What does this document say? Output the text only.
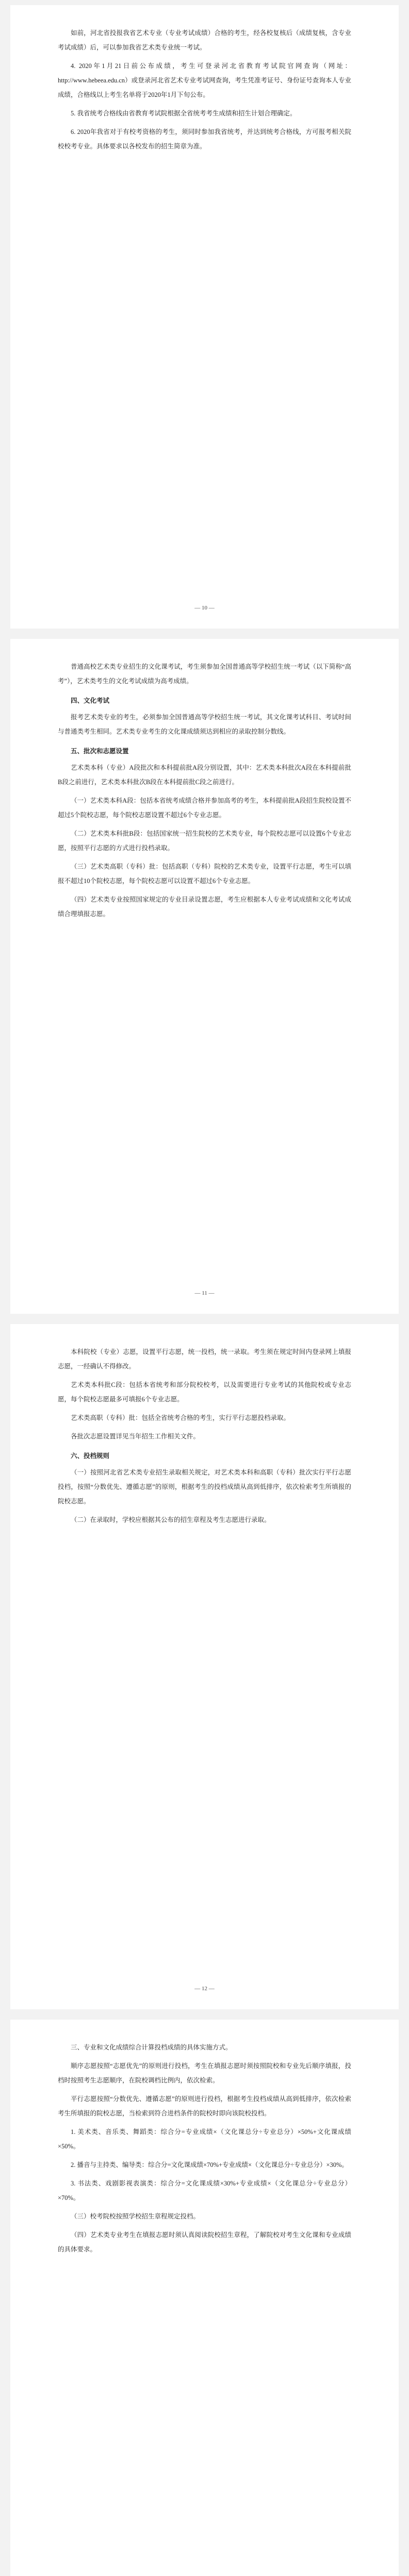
如前，河北省投报我省艺术专业（专业考试成绩）合格的考生，经各校复核后（成绩复核，含专业考试成绩）后，可以参加我省艺术类专业统一考试。

4. 2020年1月21日前公布成绩，考生可登录河北省教育考试院官网查询（网址：http://www.hebeea.edu.cn）或登录河北省艺术专业考试网查询，考生凭准考证号、身份证号查询本人专业成绩，合格线以上考生名单将于2020年1月下旬公布。

5. 我省统考合格线由省教育考试院根据全省统考考生成绩和招生计划合理确定。

6. 2020年我省对于有校考资格的考生，须同时参加我省统考，并达到统考合格线，方可报考相关院校校考专业。具体要求以各校发布的招生简章为准。

— 10 —

普通高校艺术类专业招生的文化课考试，考生须参加全国普通高等学校招生统一考试（以下简称“高考”），艺术类考生的文化考试成绩为高考成绩。

四、文化考试

报考艺术类专业的考生，必须参加全国普通高等学校招生统一考试，其文化课考试科目、考试时间与普通类考生相同。艺术类专业考生的文化课成绩须达到相应的录取控制分数线。

五、批次和志愿设置

艺术类本科（专业）A段批次和本科提前批A段分别设置，其中：艺术类本科批次A段在本科提前批B段之前进行，艺术类本科批次B段在本科提前批C段之前进行。

（一）艺术类本科A段：包括本省统考成绩合格并参加高考的考生，本科提前批A段招生院校设置不超过5个院校志愿，每个院校志愿设置不超过6个专业志愿。

（二）艺术类本科批B段：包括国家统一招生院校的艺术类专业，每个院校志愿可以设置6个专业志愿，按照平行志愿的方式进行投档录取。

（三）艺术类高职（专科）批：包括高职（专科）院校的艺术类专业，设置平行志愿，考生可以填报不超过10个院校志愿，每个院校志愿可以设置不超过6个专业志愿。

（四）艺术类专业按照国家规定的专业目录设置志愿，考生应根据本人专业考试成绩和文化考试成绩合理填报志愿。

— 11 —

本科院校（专业）志愿，设置平行志愿，统一投档，统一录取。考生须在规定时间内登录网上填报志愿，一经确认不得修改。

艺术类本科批C段：包括本省统考和部分院校校考，以及需要进行专业考试的其他院校或专业志愿，每个院校志愿最多可填报6个专业志愿。

艺术类高职（专科）批：包括全省统考合格的考生，实行平行志愿投档录取。

各批次志愿设置详见当年招生工作相关文件。

六、投档规则

（一）按照河北省艺术类专业招生录取相关规定，对艺术类本科和高职（专科）批次实行平行志愿投档，按照“分数优先、遵循志愿”的原则，根据考生的投档成绩从高到低排序，依次检索考生所填报的院校志愿。

（二）在录取时，学校应根据其公布的招生章程及考生志愿进行录取。

— 12 —

三、专业和文化成绩综合计算投档成绩的具体实施方式。

顺序志愿按照“志愿优先”的原则进行投档，考生在填报志愿时须按照院校和专业先后顺序填报，投档时按照考生志愿顺序，在院校调档比例内，依次检索。

平行志愿按照“分数优先、遵循志愿”的原则进行投档，根据考生投档成绩从高到低排序，依次检索考生所填报的院校志愿，当检索到符合进档条件的院校时即向该院校投档。

1. 美术类、音乐类、舞蹈类：综合分=专业成绩×（文化课总分÷专业总分）×50%+文化课成绩×50%。

2. 播音与主持类、编导类：综合分=文化课成绩×70%+专业成绩×（文化课总分÷专业总分）×30%。

3. 书法类、戏剧影视表演类：综合分=文化课成绩×30%+专业成绩×（文化课总分÷专业总分）×70%。

（三）校考院校按照学校招生章程规定投档。

（四）艺术类专业考生在填报志愿时须认真阅读院校招生章程，了解院校对考生文化课和专业成绩的具体要求。
